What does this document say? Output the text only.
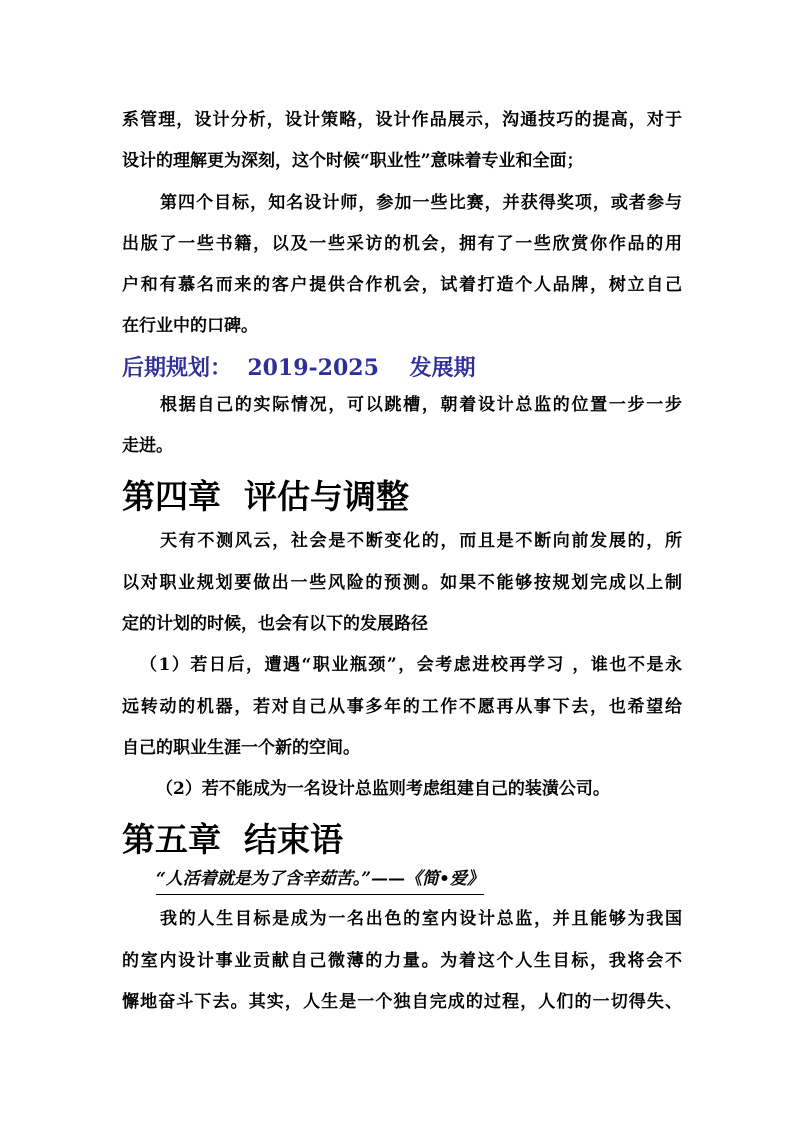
系管理，设计分析，设计策略，设计作品展示，沟通技巧的提高，对于

设计的理解更为深刻，这个时候“职业性”意味着专业和全面；

第四个目标，知名设计师，参加一些比赛，并获得奖项，或者参与

出版了一些书籍，以及一些采访的机会，拥有了一些欣赏你作品的用

户和有慕名而来的客户提供合作机会，试着打造个人品牌，树立自己

在行业中的口碑。

后期规划：  2019-2025    发展期

根据自己的实际情况，可以跳槽，朝着设计总监的位置一步一步

走进。

第四章  评估与调整

天有不测风云，社会是不断变化的，而且是不断向前发展的，所

以对职业规划要做出一些风险的预测。如果不能够按规划完成以上制

定的计划的时候，也会有以下的发展路径

（1）若日后，遭遇“职业瓶颈”，会考虑进校再学习 ，谁也不是永

远转动的机器，若对自己从事多年的工作不愿再从事下去，也希望给

自己的职业生涯一个新的空间。

（2）若不能成为一名设计总监则考虑组建自己的装潢公司。

第五章  结束语
“人活着就是为了含辛茹苦。”——《简•爱》

我的人生目标是成为一名出色的室内设计总监，并且能够为我国

的室内设计事业贡献自己微薄的力量。为着这个人生目标，我将会不

懈地奋斗下去。其实，人生是一个独自完成的过程，人们的一切得失、
